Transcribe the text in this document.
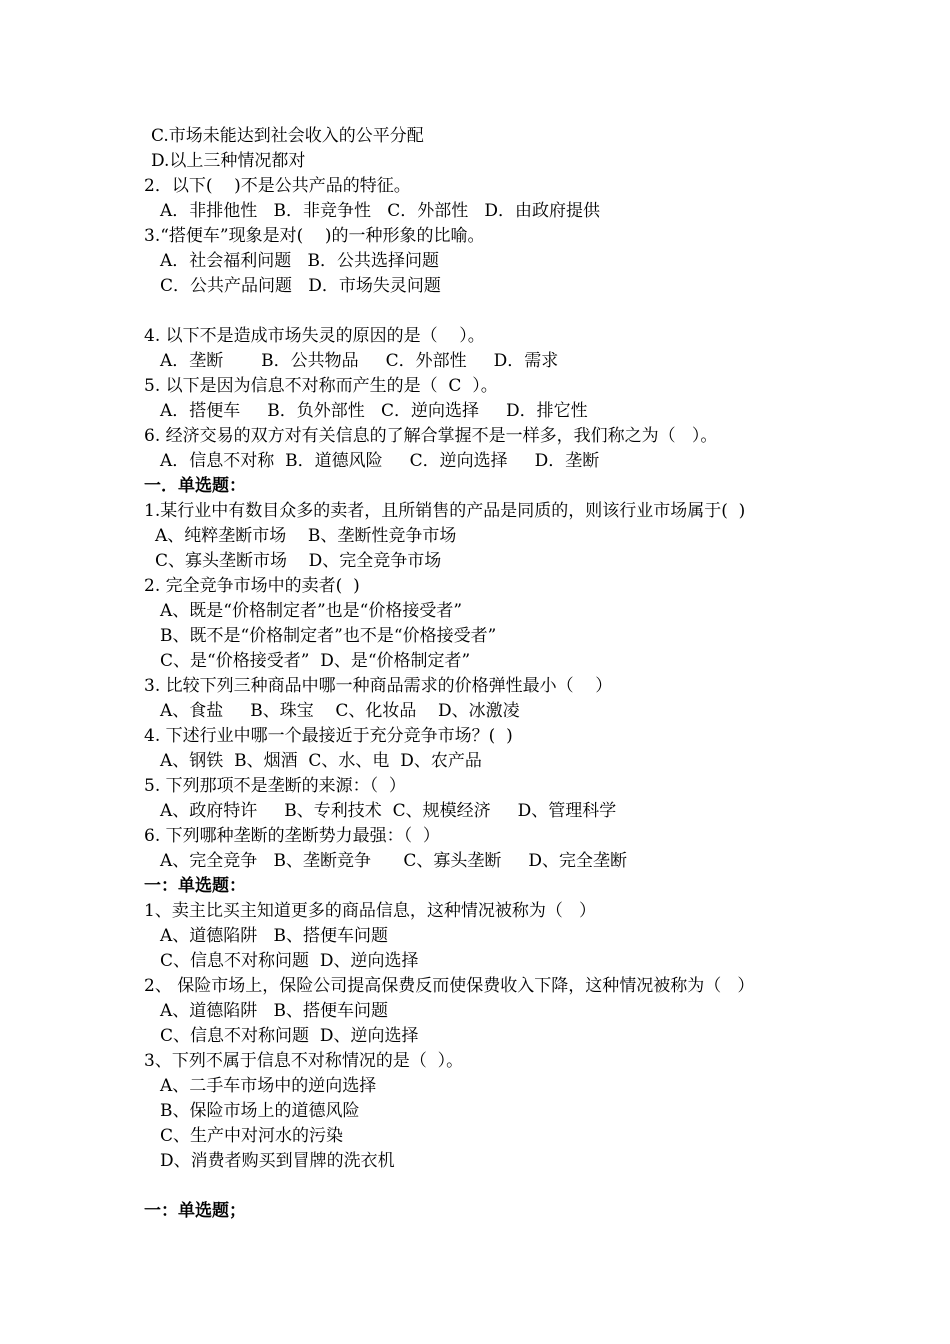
C.市场未能达到社会收入的公平分配
D.以上三种情况都对
2．以下(    )不是公共产品的特征。
A．非排他性   B．非竞争性   C．外部性   D．由政府提供
3.“搭便车”现象是对(    )的一种形象的比喻。
A．社会福利问题   B．公共选择问题
C．公共产品问题   D．市场失灵问题
4. 以下不是造成市场失灵的原因的是（    ）。
A．垄断       B．公共物品     C．外部性     D．需求
5. 以下是因为信息不对称而产生的是（  C  ）。
A．搭便车     B．负外部性   C．逆向选择     D．排它性
6. 经济交易的双方对有关信息的了解合掌握不是一样多，我们称之为（   ）。
A．信息不对称  B．道德风险     C．逆向选择     D．垄断
一．单选题：
1.某行业中有数目众多的卖者，且所销售的产品是同质的，则该行业市场属于(  )
A、纯粹垄断市场    B、垄断性竞争市场
C、寡头垄断市场    D、完全竞争市场
2. 完全竞争市场中的卖者(  )
A、既是“价格制定者”也是“价格接受者”
B、既不是“价格制定者”也不是“价格接受者”
C、是“价格接受者”  D、是“价格制定者”
3. 比较下列三种商品中哪一种商品需求的价格弹性最小（    ）
A、食盐     B、珠宝    C、化妆品    D、冰激凌
4. 下述行业中哪一个最接近于充分竞争市场？(  )
A、钢铁  B、烟酒  C、水、电  D、农产品
5. 下列那项不是垄断的来源：（  ）
A、政府特许     B、专利技术  C、规模经济     D、管理科学
6. 下列哪种垄断的垄断势力最强：（  ）
A、完全竞争   B、垄断竞争      C、寡头垄断     D、完全垄断
一：单选题：
1、卖主比买主知道更多的商品信息，这种情况被称为（   ）
A、道德陷阱   B、搭便车问题
C、信息不对称问题  D、逆向选择
2、 保险市场上，保险公司提高保费反而使保费收入下降，这种情况被称为（   ）
A、道德陷阱   B、搭便车问题
C、信息不对称问题  D、逆向选择
3、下列不属于信息不对称情况的是（  ）。
A、二手车市场中的逆向选择
B、保险市场上的道德风险
C、生产中对河水的污染
D、消费者购买到冒牌的洗衣机
一：单选题；
